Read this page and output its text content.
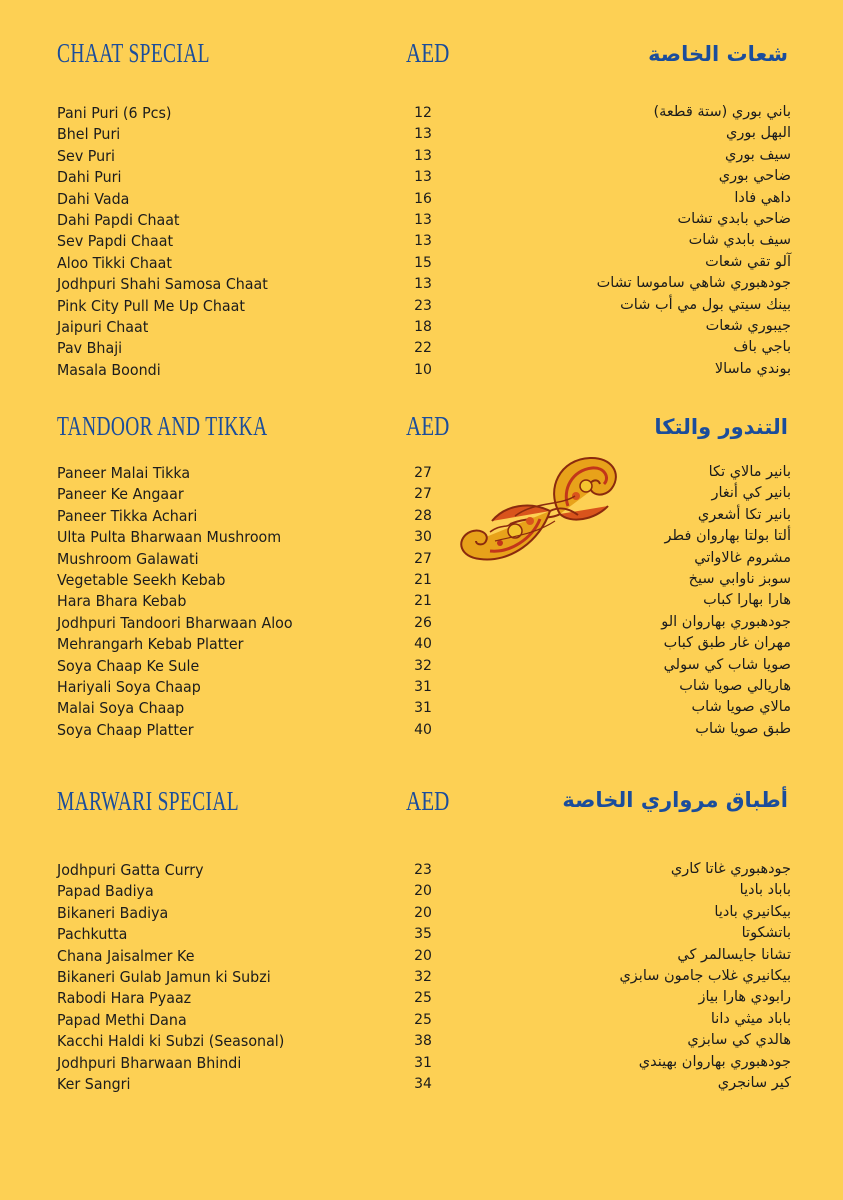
CHAAT SPECIAL	AED	شعات الخاصة
Pani Puri (6 Pcs)	12	باني بوري (ستة قطعة)
Bhel Puri	13	البهل بوري
Sev Puri	13	سيف بوري
Dahi Puri	13	ضاحي بوري
Dahi Vada	16	داهي فادا
Dahi Papdi Chaat	13	ضاحي بابدي تشات
Sev Papdi Chaat	13	سيف بابدي شات
Aloo Tikki Chaat	15	آلو تقي شعات
Jodhpuri Shahi Samosa Chaat	13	جودهبوري شاهي ساموسا تشات
Pink City Pull Me Up Chaat	23	بينك سيتي بول مي أب شات
Jaipuri Chaat	18	جيبوري شعات
Pav Bhaji	22	باجي باف
Masala Boondi	10	بوندي ماسالا
TANDOOR AND TIKKA	AED	التندور والتكا
Paneer Malai Tikka	27	بانير مالاي تكا
Paneer Ke Angaar	27	بانير كي أنغار
Paneer Tikka Achari	28	بانير تكا أشعري
Ulta Pulta Bharwaan Mushroom	30	ألتا بولتا بهاروان فطر
Mushroom Galawati	27	مشروم غالاواتي
Vegetable Seekh Kebab	21	سوبز ناوابي سيخ
Hara Bhara Kebab	21	هارا بهارا كباب
Jodhpuri Tandoori Bharwaan Aloo	26	جودهبوري بهاروان الو
Mehrangarh Kebab Platter	40	مهران غار طبق كباب
Soya Chaap Ke Sule	32	صويا شاب كي سولي
Hariyali Soya Chaap	31	هاريالي صويا شاب
Malai Soya Chaap	31	مالاي صويا شاب
Soya Chaap Platter	40	طبق صويا شاب
MARWARI SPECIAL	AED	أطباق مرواري الخاصة
Jodhpuri Gatta Curry	23	جودهبوري غاتا كاري
Papad Badiya	20	باباد باديا
Bikaneri Badiya	20	بيكانيري باديا
Pachkutta	35	باتشكوتا
Chana Jaisalmer Ke	20	تشانا جايسالمر كي
Bikaneri Gulab Jamun ki Subzi	32	بيكانيري غلاب جامون سابزي
Rabodi Hara Pyaaz	25	رابودي هارا بياز
Papad Methi Dana	25	باباد ميثي دانا
Kacchi Haldi ki Subzi (Seasonal)	38	هالدي كي سابزي
Jodhpuri Bharwaan Bhindi	31	جودهبوري بهاروان بهيندي
Ker Sangri	34	كير سانجري
